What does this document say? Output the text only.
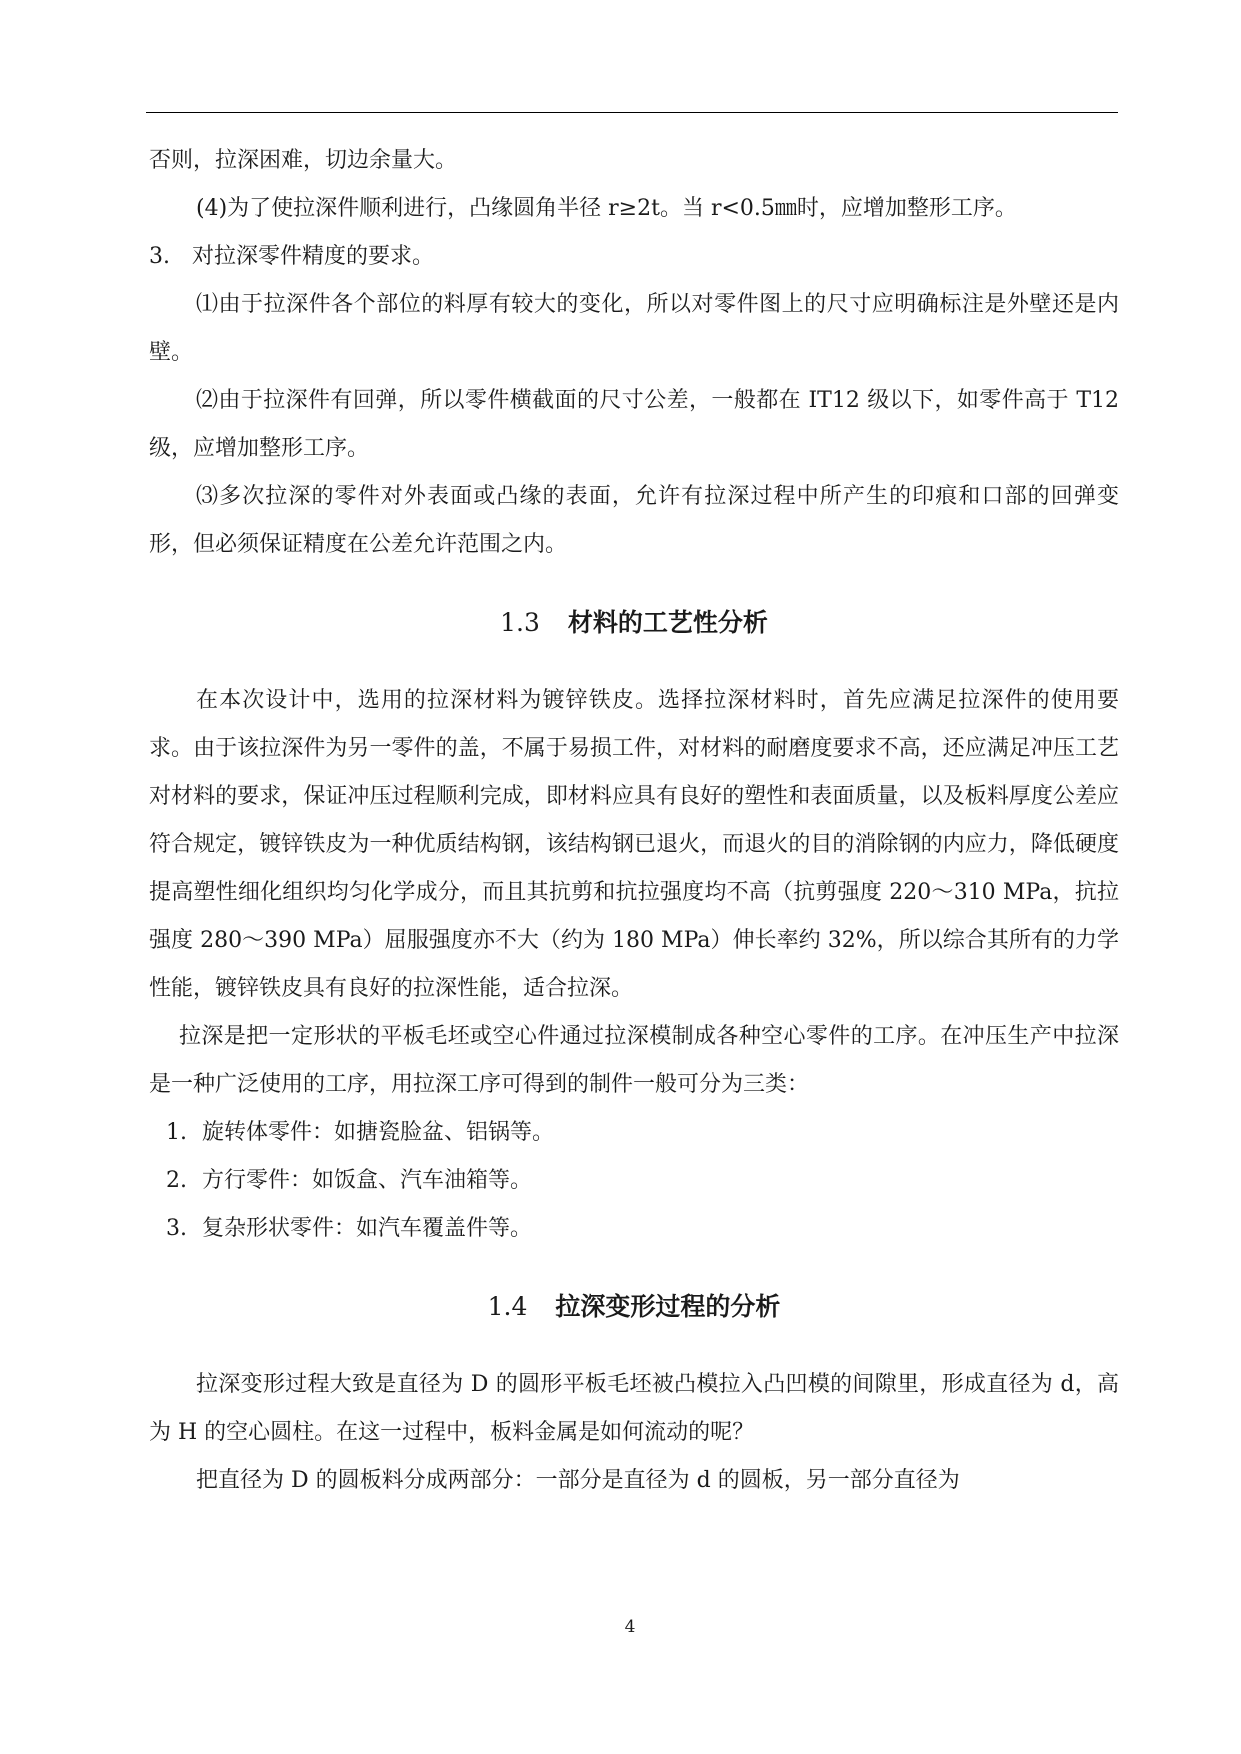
否则，拉深困难，切边余量大。

(4)为了使拉深件顺利进行，凸缘圆角半径 r≥2t。当 r<0.5㎜时，应增加整形工序。

3.　对拉深零件精度的要求。

⑴由于拉深件各个部位的料厚有较大的变化，所以对零件图上的尺寸应明确标注是外壁还是内壁。

⑵由于拉深件有回弹，所以零件横截面的尺寸公差，一般都在 IT12 级以下，如零件高于 T12 级，应增加整形工序。

⑶多次拉深的零件对外表面或凸缘的表面，允许有拉深过程中所产生的印痕和口部的回弹变形，但必须保证精度在公差允许范围之内。

1.3 材料的工艺性分析

在本次设计中，选用的拉深材料为镀锌铁皮。选择拉深材料时，首先应满足拉深件的使用要求。由于该拉深件为另一零件的盖，不属于易损工件，对材料的耐磨度要求不高，还应满足冲压工艺对材料的要求，保证冲压过程顺利完成，即材料应具有良好的塑性和表面质量，以及板料厚度公差应符合规定，镀锌铁皮为一种优质结构钢，该结构钢已退火，而退火的目的消除钢的内应力，降低硬度提高塑性细化组织均匀化学成分，而且其抗剪和抗拉强度均不高（抗剪强度 220～310 MPa，抗拉强度 280～390 MPa）屈服强度亦不大（约为 180 MPa）伸长率约 32%，所以综合其所有的力学性能，镀锌铁皮具有良好的拉深性能，适合拉深。

拉深是把一定形状的平板毛坯或空心件通过拉深模制成各种空心零件的工序。在冲压生产中拉深是一种广泛使用的工序，用拉深工序可得到的制件一般可分为三类：

1. 旋转体零件：如搪瓷脸盆、铝锅等。

2. 方行零件：如饭盒、汽车油箱等。

3. 复杂形状零件：如汽车覆盖件等。

1.4 拉深变形过程的分析

拉深变形过程大致是直径为 D 的圆形平板毛坯被凸模拉入凸凹模的间隙里，形成直径为 d，高为 H 的空心圆柱。在这一过程中，板料金属是如何流动的呢？

把直径为 D 的圆板料分成两部分：一部分是直径为 d 的圆板，另一部分直径为

4
